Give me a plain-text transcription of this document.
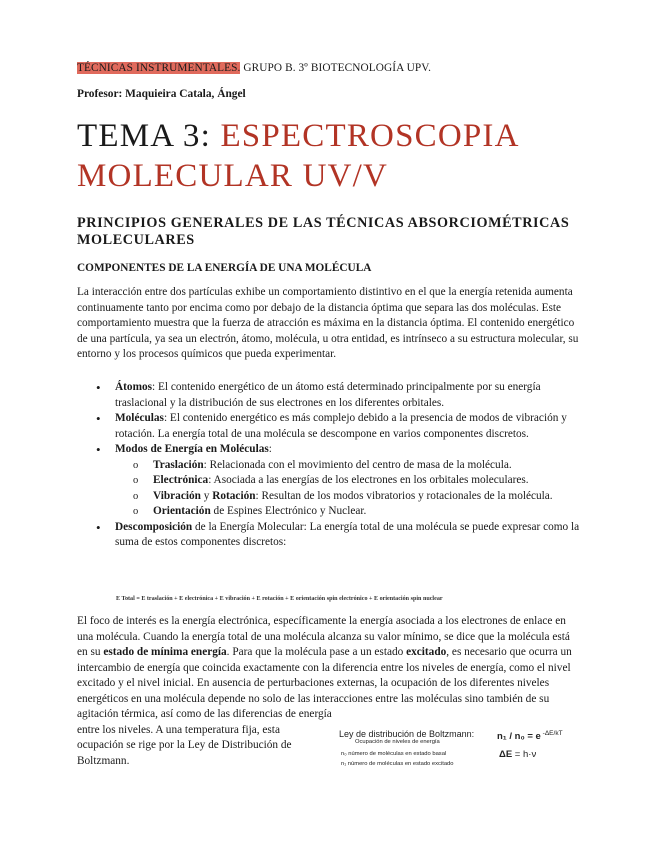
TÉCNICAS INSTRUMENTALES. GRUPO B. 3º BIOTECNOLOGÍA UPV.
Profesor: Maquieira Catala, Ángel
TEMA 3: ESPECTROSCOPIA MOLECULAR UV/V
PRINCIPIOS GENERALES DE LAS TÉCNICAS ABSORCIOMÉTRICAS MOLECULARES
COMPONENTES DE LA ENERGÍA DE UNA MOLÉCULA

La interacción entre dos partículas exhibe un comportamiento distintivo en el que la energía retenida aumenta continuamente tanto por encima como por debajo de la distancia óptima que separa las dos moléculas. Este comportamiento muestra que la fuerza de atracción es máxima en la distancia óptima. El contenido energético de una partícula, ya sea un electrón, átomo, molécula, u otra entidad, es intrínseco a su estructura molecular, su entorno y los procesos químicos que pueda experimentar.

• Átomos: El contenido energético de un átomo está determinado principalmente por su energía traslacional y la distribución de sus electrones en los diferentes orbitales.
• Moléculas: El contenido energético es más complejo debido a la presencia de modos de vibración y rotación. La energía total de una molécula se descompone en varios componentes discretos.
• Modos de Energía en Moléculas:
o Traslación: Relacionada con el movimiento del centro de masa de la molécula.
o Electrónica: Asociada a las energías de los electrones en los orbitales moleculares.
o Vibración y Rotación: Resultan de los modos vibratorios y rotacionales de la molécula.
o Orientación de Espines Electrónico y Nuclear.
• Descomposición de la Energía Molecular: La energía total de una molécula se puede expresar como la suma de estos componentes discretos:
E Total = E traslación + E electrónica + E vibración + E rotación + E orientación spin electrónico + E orientación spin nuclear

El foco de interés es la energía electrónica, específicamente la energía asociada a los electrones de enlace en una molécula. Cuando la energía total de una molécula alcanza su valor mínimo, se dice que la molécula está en su estado de mínima energía. Para que la molécula pase a un estado excitado, es necesario que ocurra un intercambio de energía que coincida exactamente con la diferencia entre los niveles de energía, como el nivel excitado y el nivel inicial. En ausencia de perturbaciones externas, la ocupación de los diferentes niveles energéticos en una molécula depende no solo de las interacciones entre las moléculas sino también de su agitación térmica, así como de las diferencias de energía
entre los niveles. A una temperatura fija, esta ocupación se rige por la Ley de Distribución de Boltzmann.

Ley de distribución de Boltzmann:
Ocupación de niveles de energía
n₀ número de moléculas en estado basal
n₁ número de moléculas en estado excitado
n₁ / n₀ = e $^{-\Delta E/kT}$
ΔE = h·ν
